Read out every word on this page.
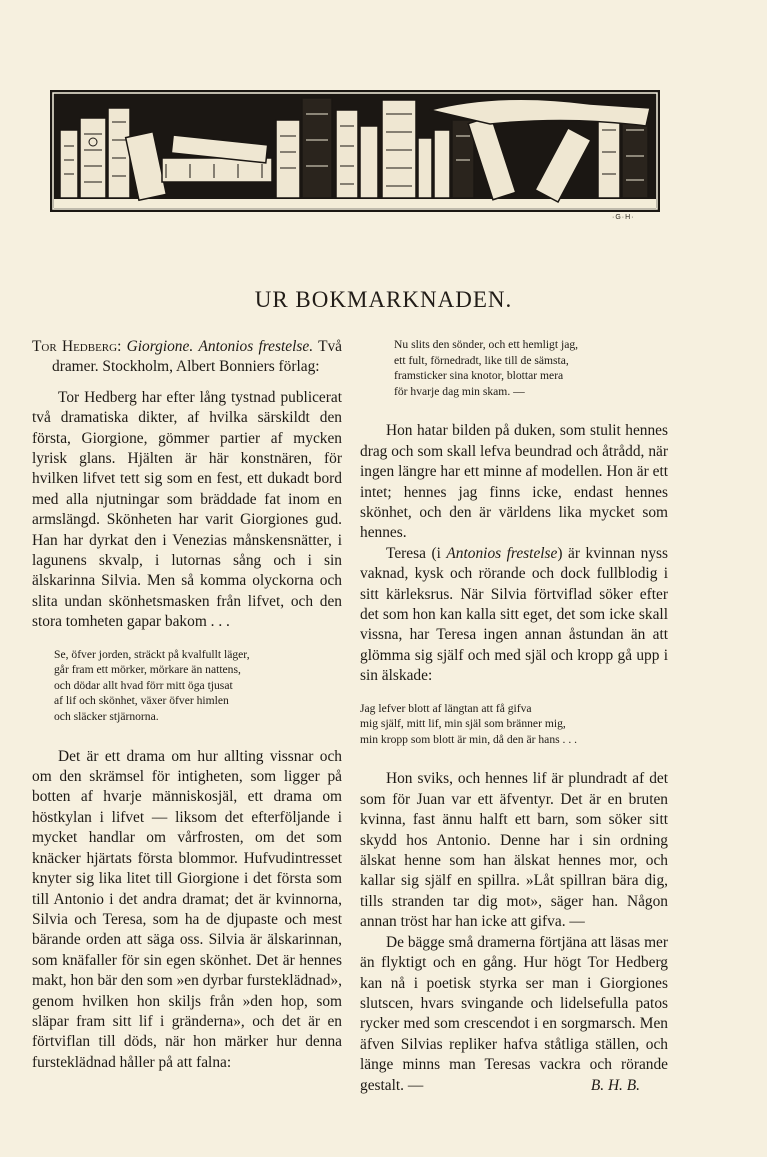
·G·H·
UR BOKMARKNADEN.

Tor Hedberg: Giorgione. Antonios frestelse. Två dramer. Stockholm, Albert Bonniers förlag:

Tor Hedberg har efter lång tystnad publicerat två dramatiska dikter, af hvilka särskildt den första, Giorgione, gömmer partier af mycken lyrisk glans. Hjälten är här konstnären, för hvilken lifvet tett sig som en fest, ett dukadt bord med alla njutningar som bräddade fat inom en armslängd. Skönheten har varit Giorgiones gud. Han har dyrkat den i Venezias månskensnätter, i lagunens skvalp, i lutornas sång och i sin älskarinna Silvia. Men så komma olyckorna och slita undan skönhetsmasken från lifvet, och den stora tomheten gapar bakom . . .

Se, öfver jorden, sträckt på kvalfullt läger,
går fram ett mörker, mörkare än nattens,
och dödar allt hvad förr mitt öga tjusat
af lif och skönhet, växer öfver himlen
och släcker stjärnorna.

Det är ett drama om hur allting vissnar och om den skrämsel för intigheten, som ligger på botten af hvarje människosjäl, ett drama om höstkylan i lifvet — liksom det efterföljande i mycket handlar om vårfrosten, om det som knäcker hjärtats första blommor. Hufvudintresset knyter sig lika litet till Giorgione i det första som till Antonio i det andra dramat; det är kvinnorna, Silvia och Teresa, som ha de djupaste och mest bärande orden att säga oss. Silvia är älskarinnan, som knäfaller för sin egen skönhet. Det är hennes makt, hon bär den som »en dyrbar fursteklädnad», genom hvilken hon skiljs från »den hop, som släpar fram sitt lif i gränderna», och det är en förtviflan till döds, när hon märker hur denna fursteklädnad håller på att falna:

Nu slits den sönder, och ett hemligt jag,
ett fult, förnedradt, like till de sämsta,
framsticker sina knotor, blottar mera
för hvarje dag min skam. —

Hon hatar bilden på duken, som stulit hennes drag och som skall lefva beundrad och åtrådd, när ingen längre har ett minne af modellen. Hon är ett intet; hennes jag finns icke, endast hennes skönhet, och den är världens lika mycket som hennes.

Teresa (i Antonios frestelse) är kvinnan nyss vaknad, kysk och rörande och dock fullblodig i sitt kärleksrus. När Silvia förtviflad söker efter det som hon kan kalla sitt eget, det som icke skall vissna, har Teresa ingen annan åstundan än att glömma sig själf och med själ och kropp gå upp i sin älskade:

Jag lefver blott af längtan att få gifva
mig själf, mitt lif, min själ som bränner mig,
min kropp som blott är min, då den är hans . . .

Hon sviks, och hennes lif är plundradt af det som för Juan var ett äfventyr. Det är en bruten kvinna, fast ännu halft ett barn, som söker sitt skydd hos Antonio. Denne har i sin ordning älskat henne som han älskat hennes mor, och kallar sig själf en spillra. »Låt spillran bära dig, tills stranden tar dig mot», säger han. Någon annan tröst har han icke att gifva. —

De bägge små dramerna förtjäna att läsas mer än flyktigt och en gång. Hur högt Tor Hedberg kan nå i poetisk styrka ser man i Giorgiones slutscen, hvars svingande och lidelsefulla patos rycker med som crescendot i en sorgmarsch. Men äfven Silvias repliker hafva ståtliga ställen, och länge minns man Teresas vackra och rörande gestalt. —	B. H. B.
